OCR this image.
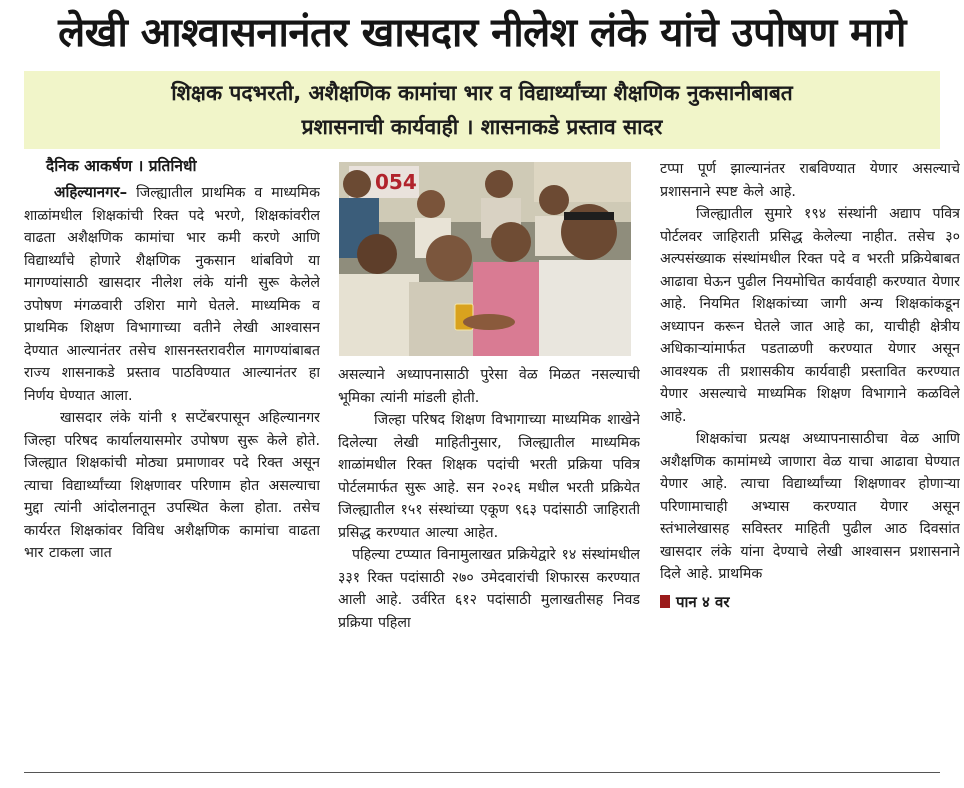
लेखी आश्वासनानंतर खासदार नीलेश लंके यांचे उपोषण मागे
शिक्षक पदभरती, अशैक्षणिक कामांचा भार व विद्यार्थ्यांच्या शैक्षणिक नुकसानीबाबत
प्रशासनाची कार्यवाही । शासनाकडे प्रस्ताव सादर
दैनिक आकर्षण । प्रतिनिधी

अहिल्यानगर– जिल्ह्यातील प्राथमिक व माध्यमिक शाळांमधील शिक्षकांची रिक्त पदे भरणे, शिक्षकांवरील वाढता अशैक्षणिक कामांचा भार कमी करणे आणि विद्यार्थ्यांचे होणारे शैक्षणिक नुकसान थांबविणे या मागण्यांसाठी खासदार नीलेश लंके यांनी सुरू केलेले उपोषण मंगळवारी उशिरा मागे घेतले. माध्यमिक व प्राथमिक शिक्षण विभागाच्या वतीने लेखी आश्वासन देण्यात आल्यानंतर तसेच शासनस्तरावरील मागण्यांबाबत राज्य शासनाकडे प्रस्ताव पाठविण्यात आल्यानंतर हा निर्णय घेण्यात आला.

खासदार लंके यांनी १ सप्टेंबरपासून अहिल्यानगर जिल्हा परिषद कार्यालयासमोर उपोषण सुरू केले होते. जिल्ह्यात शिक्षकांची मोठ्या प्रमाणावर पदे रिक्त असून त्याचा विद्यार्थ्यांच्या शिक्षणावर परिणाम होत असल्याचा मुद्दा त्यांनी आंदोलनातून उपस्थित केला होता. तसेच कार्यरत शिक्षकांवर विविध अशैक्षणिक कामांचा वाढता भार टाकला जात

054

असल्याने अध्यापनासाठी पुरेसा वेळ मिळत नसल्याची भूमिका त्यांनी मांडली होती.

जिल्हा परिषद शिक्षण विभागाच्या माध्यमिक शाखेने दिलेल्या लेखी माहितीनुसार, जिल्ह्यातील माध्यमिक शाळांमधील रिक्त शिक्षक पदांची भरती प्रक्रिया पवित्र पोर्टलमार्फत सुरू आहे. सन २०२६ मधील भरती प्रक्रियेत जिल्ह्यातील १५१ संस्थांच्या एकूण ९६३ पदांसाठी जाहिराती प्रसिद्ध करण्यात आल्या आहेत.

पहिल्या टप्प्यात विनामुलाखत प्रक्रियेद्वारे १४ संस्थांमधील ३३१ रिक्त पदांसाठी २७० उमेदवारांची शिफारस करण्यात आली आहे. उर्वरित ६१२ पदांसाठी मुलाखतीसह निवड प्रक्रिया पहिला

टप्पा पूर्ण झाल्यानंतर राबविण्यात येणार असल्याचे प्रशासनाने स्पष्ट केले आहे.

जिल्ह्यातील सुमारे १९४ संस्थांनी अद्याप पवित्र पोर्टलवर जाहिराती प्रसिद्ध केलेल्या नाहीत. तसेच ३० अल्पसंख्याक संस्थांमधील रिक्त पदे व भरती प्रक्रियेबाबत आढावा घेऊन पुढील नियमोचित कार्यवाही करण्यात येणार आहे. नियमित शिक्षकांच्या जागी अन्य शिक्षकांकडून अध्यापन करून घेतले जात आहे का, याचीही क्षेत्रीय अधिकाऱ्यांमार्फत पडताळणी करण्यात येणार असून आवश्यक ती प्रशासकीय कार्यवाही प्रस्तावित करण्यात येणार असल्याचे माध्यमिक शिक्षण विभागाने कळविले आहे.

शिक्षकांचा प्रत्यक्ष अध्यापनासाठीचा वेळ आणि अशैक्षणिक कामांमध्ये जाणारा वेळ याचा आढावा घेण्यात येणार आहे. त्याचा विद्यार्थ्यांच्या शिक्षणावर होणाऱ्या परिणामाचाही अभ्यास करण्यात येणार असून स्तंभालेखासह सविस्तर माहिती पुढील आठ दिवसांत खासदार लंके यांना देण्याचे लेखी आश्वासन प्रशासनाने दिले आहे. प्राथमिक

पान ४ वर
